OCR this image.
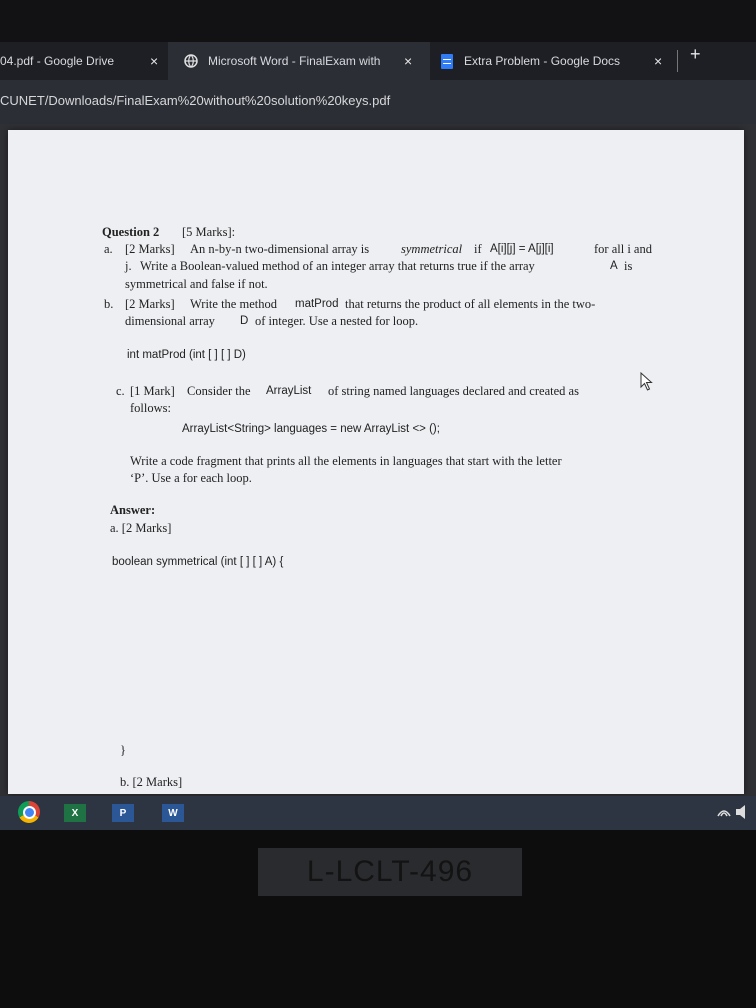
04.pdf - Google Drive	×	Microsoft Word - FinalExam with ×	Extra Problem - Google Docs × +
CUNET/Downloads/FinalExam%20without%20solution%20keys.pdf
Question 2 [5 Marks]:
a. [2 Marks] An n-by-n two-dimensional array is	symmetrical if A[i][j] = A[j][i]	for all i and
j. Write a Boolean-valued method of an integer array that returns true if the array	A is
symmetrical and false if not.
b. [2 Marks] Write the method matProd that returns the product of all elements in the two-
dimensional array D of integer. Use a nested for loop.
int matProd (int [ ] [ ] D)
c. [1 Mark] Consider the ArrayList of string named languages declared and created as
follows:
ArrayList<String> languages = new ArrayList <> ();
Write a code fragment that prints all the elements in languages that start with the letter
‘P’. Use a for each loop.
Answer:
a. [2 Marks]
boolean symmetrical (int [ ] [ ] A) {
}
b. [2 Marks]
X	P	W
L-LCLT-496
